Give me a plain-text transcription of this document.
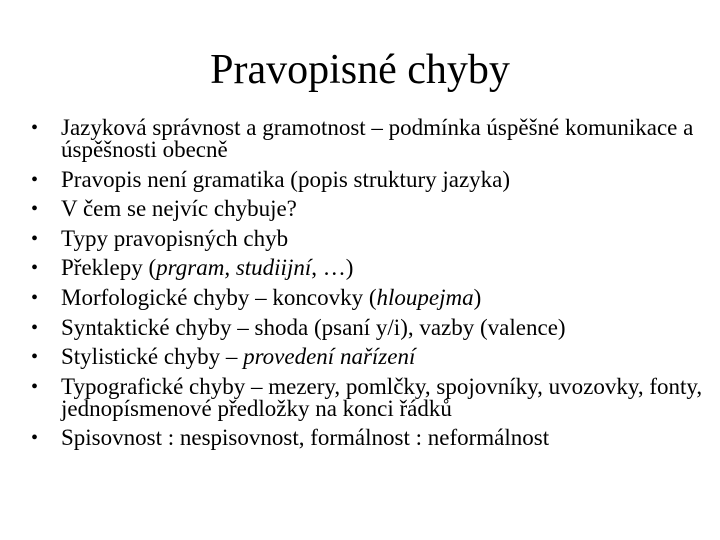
Pravopisné chyby
• Jazyková správnost a gramotnost – podmínka úspěšné komunikace a úspěšnosti obecně
• Pravopis není gramatika (popis struktury jazyka)
• V čem se nejvíc chybuje?
• Typy pravopisných chyb
• Překlepy (prgram, studiijní, …)
• Morfologické chyby – koncovky (hloupejma)
• Syntaktické chyby – shoda (psaní y/i), vazby (valence)
• Stylistické chyby – provedení nařízení
• Typografické chyby – mezery, pomlčky, spojovníky, uvozovky, fonty, jednopísmenové předložky na konci řádků
• Spisovnost : nespisovnost, formálnost : neformálnost
